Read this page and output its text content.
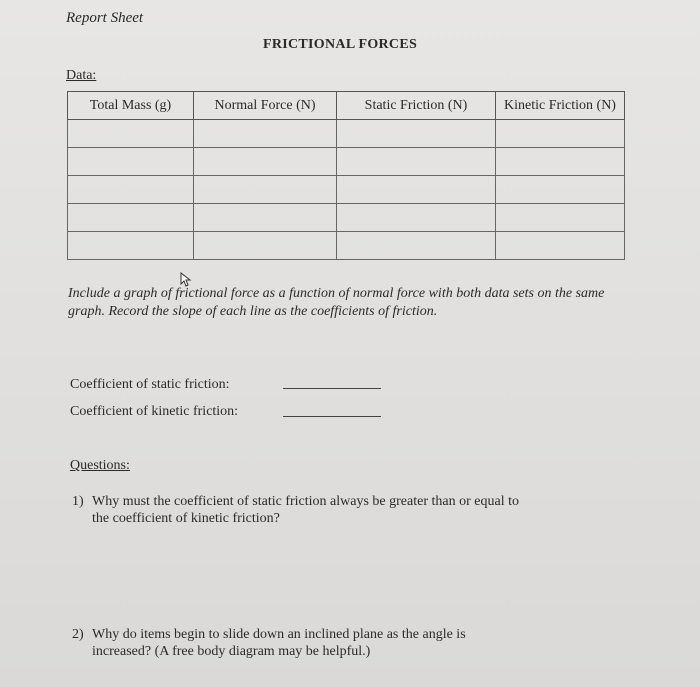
Report Sheet
FRICTIONAL FORCES
Data:
Total Mass (g)	Normal Force (N)	Static Friction (N)	Kinetic Friction (N)

Include a graph of frictional force as a function of normal force with both data sets on the same graph. Record the slope of each line as the coefficients of friction.
Coefficient of static friction:
Coefficient of kinetic friction:
Questions:
1) Why must the coefficient of static friction always be greater than or equal to
the coefficient of kinetic friction?
2) Why do items begin to slide down an inclined plane as the angle is
increased? (A free body diagram may be helpful.)
